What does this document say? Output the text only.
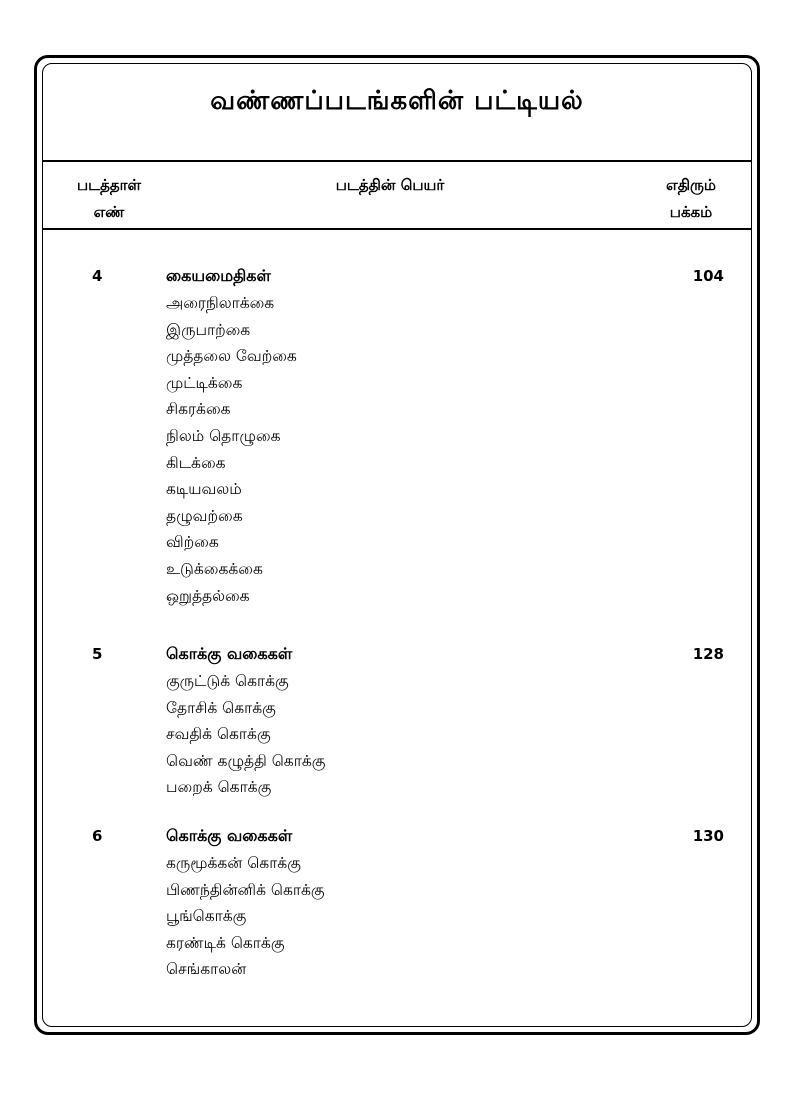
வண்ணப்படங்களின் பட்டியல்
படத்தாள்
எண்
படத்தின் பெயர்	எதிரும்
பக்கம்
4	கையமைதிகள்	104
அரைநிலாக்கை
இருபாற்கை
முத்தலை வேற்கை
முட்டிக்கை
சிகரக்கை
நிலம் தொழுகை
கிடக்கை
கடியவலம்
தழுவற்கை
விற்கை
உடுக்கைக்கை
ஒறுத்தல்கை
5	கொக்கு வகைகள்	128
குருட்டுக் கொக்கு
தோசிக் கொக்கு
சவதிக் கொக்கு
வெண் கழுத்தி கொக்கு
பறைக் கொக்கு
6	கொக்கு வகைகள்	130
கருமூக்கன் கொக்கு
பிணந்தின்னிக் கொக்கு
பூங்கொக்கு
கரண்டிக் கொக்கு
செங்காலன்
